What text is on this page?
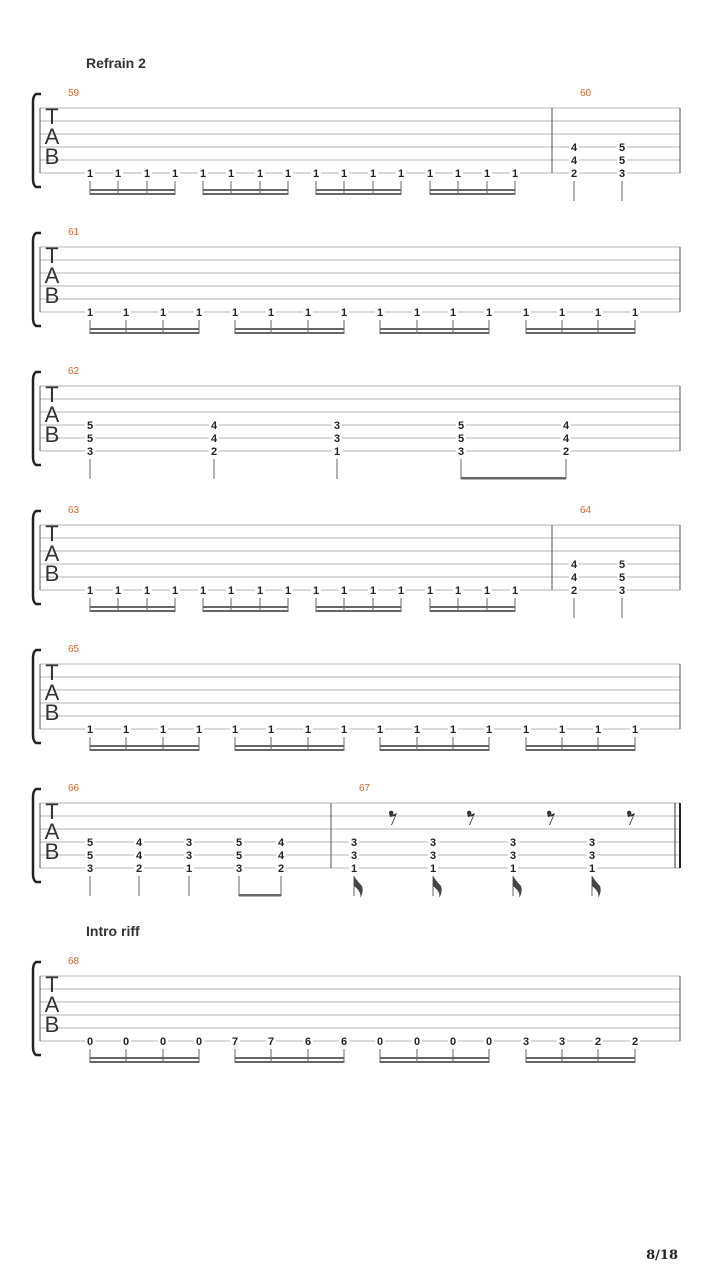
Refrain 2
T
A
B
59
1 1 1 1 1 1 1 1 1 1 1 1 1 1 1 1
60
4
4
2
5
5
3
T
A
B
61
1	1	1	1	1	1	1	1	1	1	1	1	1	1	1	1
T
A
B
62
5
5
3
4
4
2
3
3
1
5
5
3
4
4
2
T
A
B
63
1 1 1 1 1 1 1 1 1 1 1 1 1 1 1 1
64
4
4
2
5
5
3
T
A
B
65
1	1	1	1	1	1	1	1	1	1	1	1	1	1	1	1
T
A
B
66
5
5
3
4
4
2
3
3
1
5
5
3
4
4
2
67
3
3
1
3
3
1
3
3
1
3
3
1
Intro riff
T
A
B
68
0	0	0	0	7	7	6	6	0	0	0	0	3	3	2	2
8/18
